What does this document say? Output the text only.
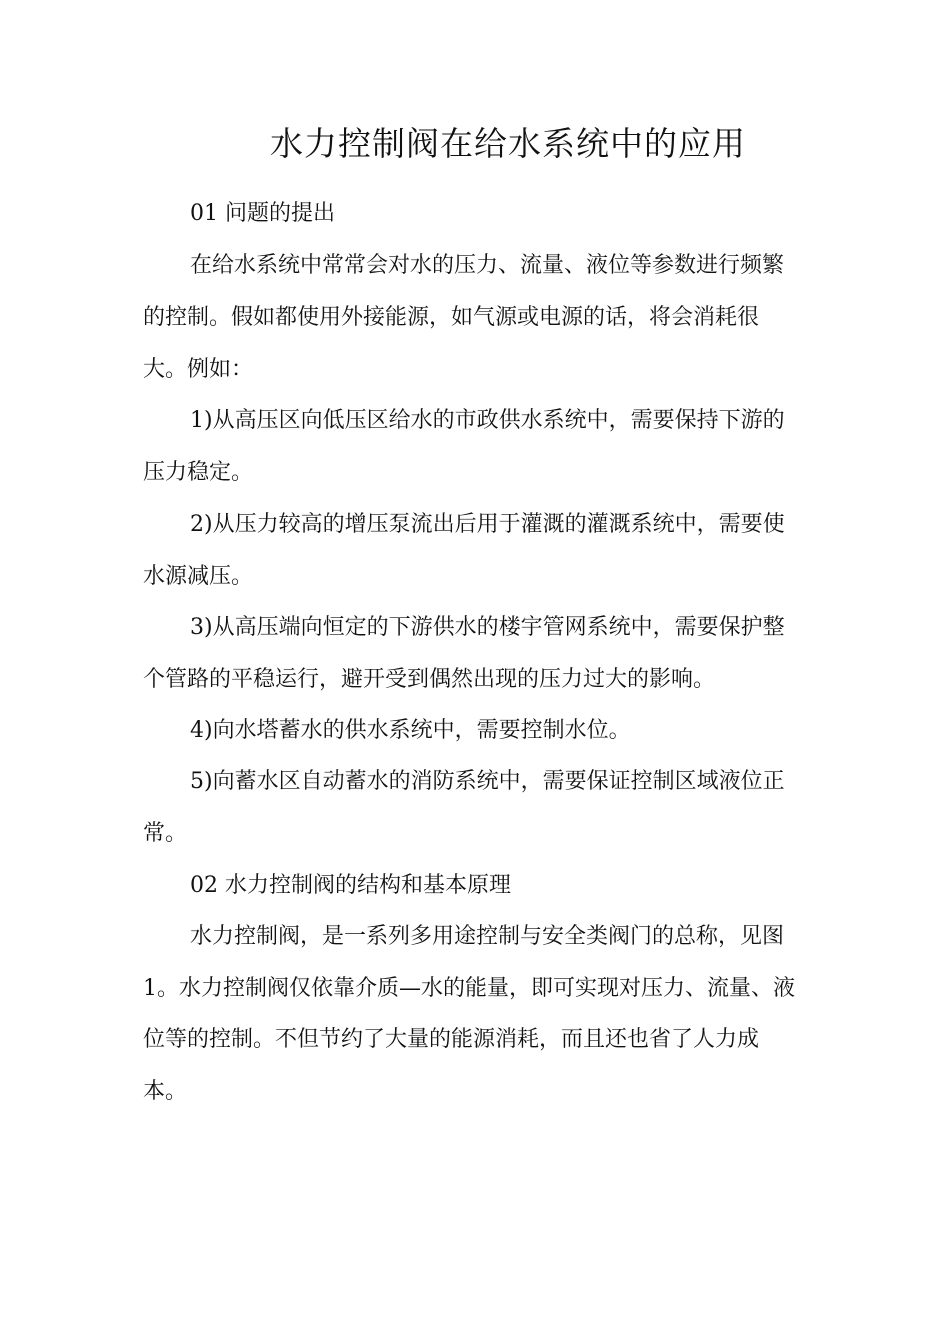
水力控制阀在给水系统中的应用
01 问题的提出
在给水系统中常常会对水的压力、流量、液位等参数进行频繁
的控制。假如都使用外接能源，如气源或电源的话，将会消耗很
大。例如：
1)从高压区向低压区给水的市政供水系统中，需要保持下游的
压力稳定。
2)从压力较高的增压泵流出后用于灌溉的灌溉系统中，需要使
水源减压。
3)从高压端向恒定的下游供水的楼宇管网系统中，需要保护整
个管路的平稳运行，避开受到偶然出现的压力过大的影响。
4)向水塔蓄水的供水系统中，需要控制水位。
5)向蓄水区自动蓄水的消防系统中，需要保证控制区域液位正
常。
02 水力控制阀的结构和基本原理
水力控制阀，是一系列多用途控制与安全类阀门的总称，见图
1。水力控制阀仅依靠介质—水的能量，即可实现对压力、流量、液
位等的控制。不但节约了大量的能源消耗，而且还也省了人力成
本。
